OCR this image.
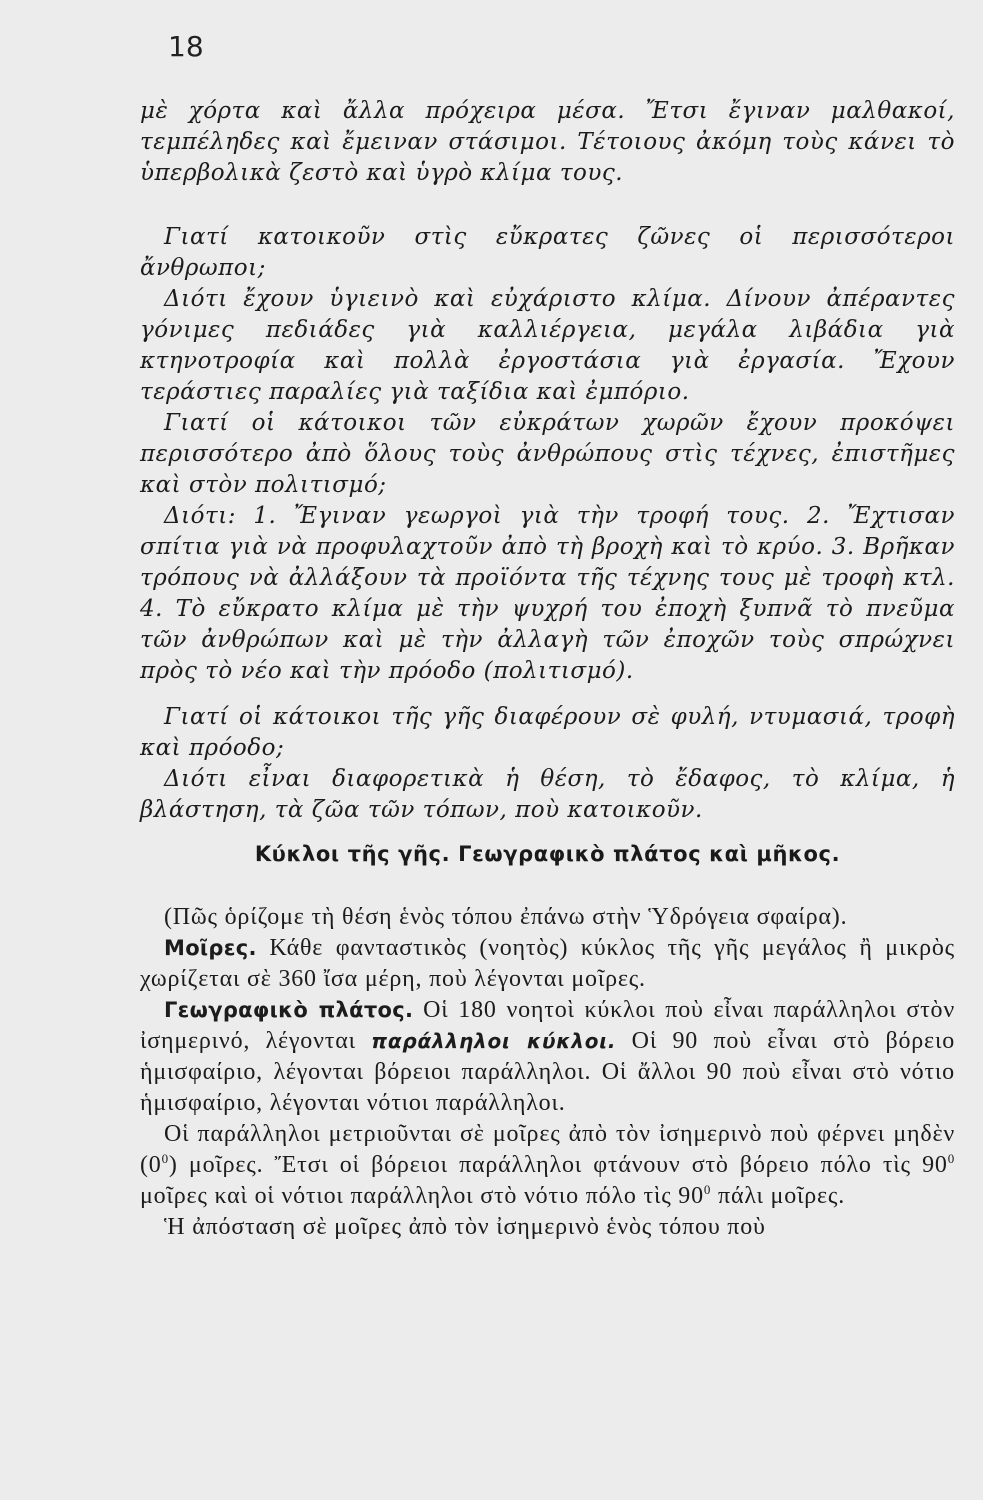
18

μὲ χόρτα καὶ ἄλλα πρόχειρα μέσα. Ἔτσι ἔγιναν μαλθακοί, τεμπέληδες καὶ ἔμειναν στάσιμοι. Τέτοιους ἀκόμη τοὺς κάνει τὸ ὑπερβολικὰ ζεστὸ καὶ ὑγρὸ κλίμα τους.

Γιατί κατοικοῦν στὶς εὔκρατες ζῶνες οἱ περισσότεροι ἄνθρωποι;

Διότι ἔχουν ὑγιεινὸ καὶ εὐχάριστο κλίμα. Δίνουν ἀπέραντες γόνιμες πεδιάδες γιὰ καλλιέργεια, μεγάλα λιβάδια γιὰ κτηνοτροφία καὶ πολλὰ ἐργοστάσια γιὰ ἐργασία. Ἔχουν τεράστιες παραλίες γιὰ ταξίδια καὶ ἐμπόριο.

Γιατί οἱ κάτοικοι τῶν εὐκράτων χωρῶν ἔχουν προκόψει περισσότερο ἀπὸ ὅλους τοὺς ἀνθρώπους στὶς τέχνες, ἐπιστῆμες καὶ στὸν πολιτισμό;

Διότι: 1. Ἔγιναν γεωργοὶ γιὰ τὴν τροφή τους. 2. Ἔχτισαν σπίτια γιὰ νὰ προφυλαχτοῦν ἀπὸ τὴ βροχὴ καὶ τὸ κρύο. 3. Βρῆκαν τρόπους νὰ ἀλλάξουν τὰ προϊόντα τῆς τέχνης τους μὲ τροφὴ κτλ. 4. Τὸ εὔκρατο κλίμα μὲ τὴν ψυχρή του ἐποχὴ ξυπνᾶ τὸ πνεῦμα τῶν ἀνθρώπων καὶ μὲ τὴν ἀλλαγὴ τῶν ἐποχῶν τοὺς σπρώχνει πρὸς τὸ νέο καὶ τὴν πρόοδο (πολιτισμό).

Γιατί οἱ κάτοικοι τῆς γῆς διαφέρουν σὲ φυλή, ντυμασιά, τροφὴ καὶ πρόοδο;

Διότι εἶναι διαφορετικὰ ἡ θέση, τὸ ἔδαφος, τὸ κλίμα, ἡ βλάστηση, τὰ ζῶα τῶν τόπων, ποὺ κατοικοῦν.

Κύκλοι τῆς γῆς. Γεωγραφικὸ πλάτος καὶ μῆκος.

(Πῶς ὁρίζομε τὴ θέση ἑνὸς τόπου ἐπάνω στὴν Ὑδρόγεια σφαίρα).

Μοῖρες. Κάθε φανταστικὸς (νοητὸς) κύκλος τῆς γῆς μεγάλος ἢ μικρὸς χωρίζεται σὲ 360 ἴσα μέρη, ποὺ λέγονται μοῖρες.

Γεωγραφικὸ πλάτος. Οἱ 180 νοητοὶ κύκλοι ποὺ εἶναι παράλληλοι στὸν ἰσημερινό, λέγονται παράλληλοι κύκλοι. Οἱ 90 ποὺ εἶναι στὸ βόρειο ἡμισφαίριο, λέγονται βόρειοι παράλληλοι. Οἱ ἄλλοι 90 ποὺ εἶναι στὸ νότιο ἡμισφαίριο, λέγονται νότιοι παράλληλοι.

Οἱ παράλληλοι μετριοῦνται σὲ μοῖρες ἀπὸ τὸν ἰσημερινὸ ποὺ φέρνει μηδὲν $(0^0)$ μοῖρες. Ἔτσι οἱ βόρειοι παράλληλοι φτάνουν στὸ βόρειο πόλο τὶς $90^0$ μοῖρες καὶ οἱ νότιοι παράλληλοι στὸ νότιο πόλο τὶς $90^0$ πάλι μοῖρες.

Ἡ ἀπόσταση σὲ μοῖρες ἀπὸ τὸν ἰσημερινὸ ἑνὸς τόπου ποὺ
